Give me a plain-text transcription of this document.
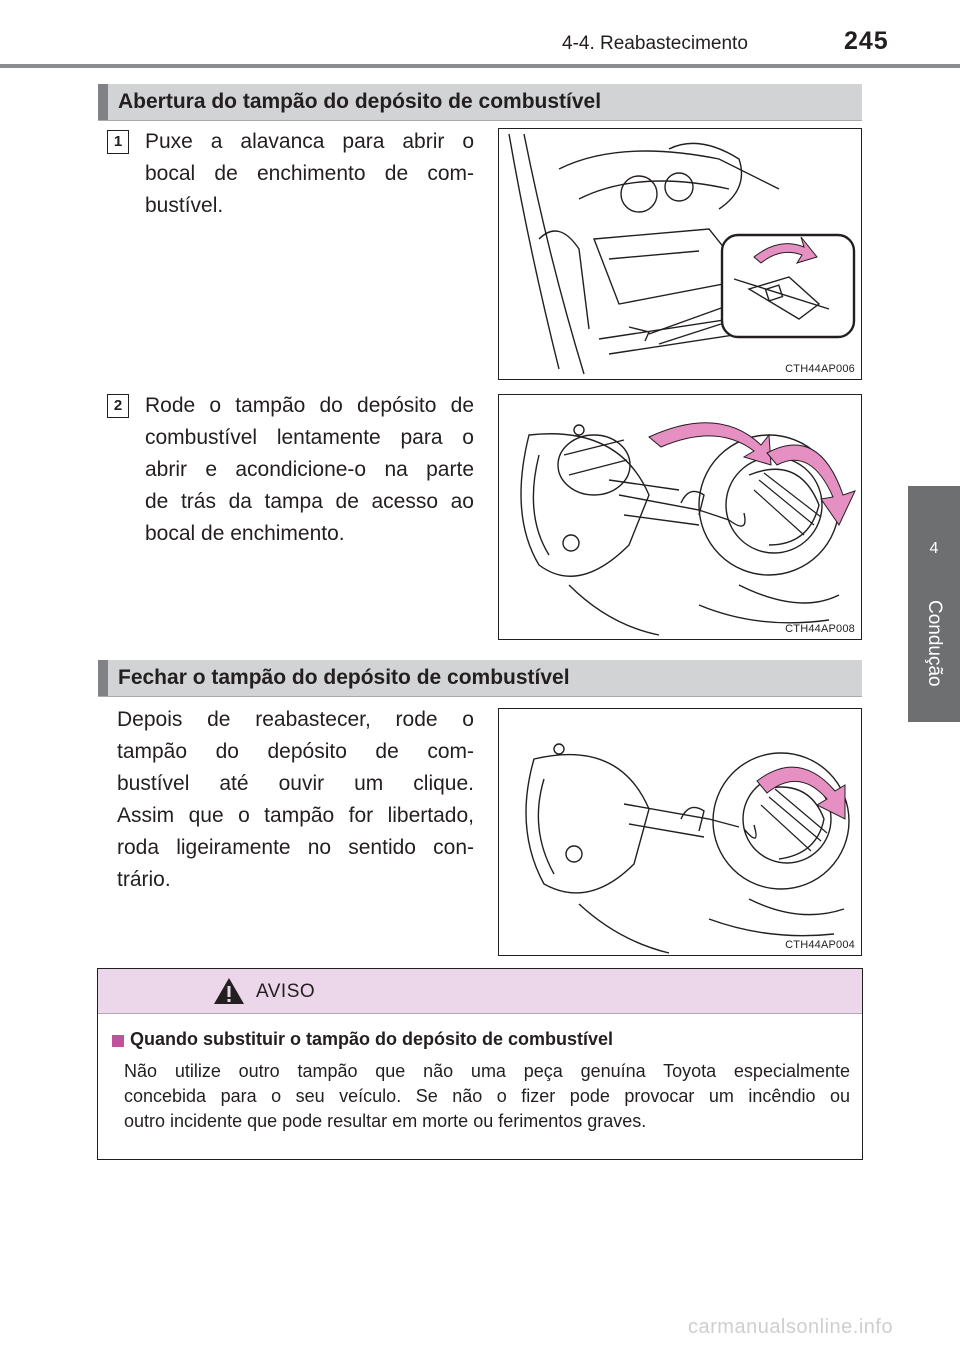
4-4. Reabastecimento	245
4
Condução
Abertura do tampão do depósito de combustível
1	Puxe a alavanca para abrir o
bocal de enchimento de com-
bustível.
CTH44AP006
2	Rode o tampão do depósito de
combustível lentamente para o
abrir e acondicione-o na parte
de trás da tampa de acesso ao
bocal de enchimento.
CTH44AP008
Fechar o tampão do depósito de combustível
Depois de reabastecer, rode o
tampão do depósito de com-
bustível até ouvir um clique.
Assim que o tampão for libertado,
roda ligeiramente no sentido con-
trário.
CTH44AP004
AVISO
Quando substituir o tampão do depósito de combustível
Não utilize outro tampão que não uma peça genuína Toyota especialmente
concebida para o seu veículo. Se não o fizer pode provocar um incêndio ou
outro incidente que pode resultar em morte ou ferimentos graves.
carmanualsonline.info
